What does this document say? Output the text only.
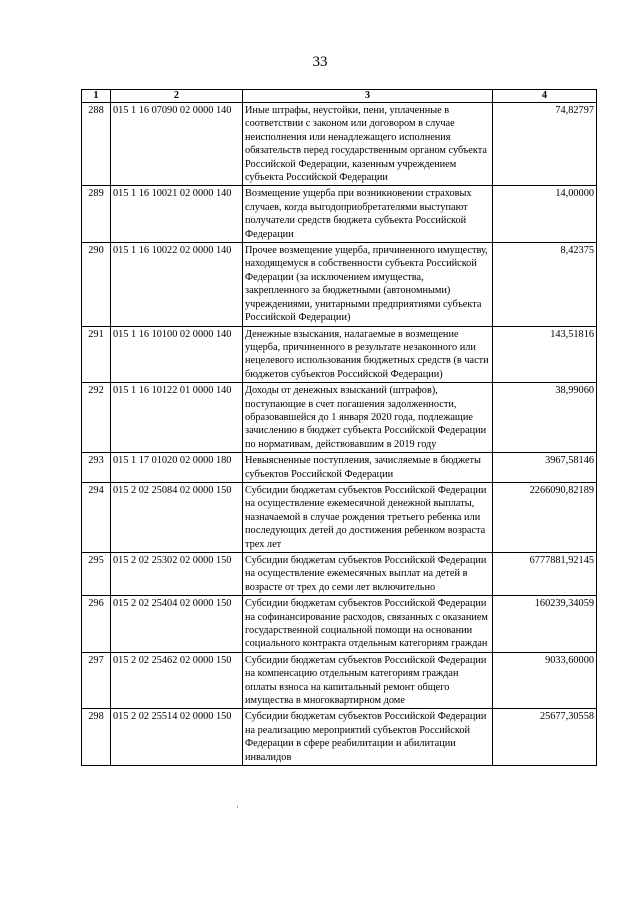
33
1	2	3	4
288	015 1 16 07090 02 0000 140	Иные штрафы, неустойки, пени, уплаченные в соответствии с законом или договором в случае неисполнения или ненадлежащего исполнения обязательств перед государственным органом субъекта Российской Федерации, казенным учреждением субъекта Российской Федерации	74,82797
289	015 1 16 10021 02 0000 140	Возмещение ущерба при возникновении страховых случаев, когда выгодоприобретателями выступают получатели средств бюджета субъекта Российской Федерации	14,00000
290	015 1 16 10022 02 0000 140	Прочее возмещение ущерба, причиненного имуществу, находящемуся в собственности субъекта Российской Федерации (за исключением имущества, закрепленного за бюджетными (автономными) учреждениями, унитарными предприятиями субъекта Российской Федерации)	8,42375
291	015 1 16 10100 02 0000 140	Денежные взыскания, налагаемые в возмещение ущерба, причиненного в результате незаконного или нецелевого использования бюджетных средств (в части бюджетов субъектов Российской Федерации)	143,51816
292	015 1 16 10122 01 0000 140	Доходы от денежных взысканий (штрафов), поступающие в счет погашения задолженности, образовавшейся до 1 января 2020 года, подлежащие зачислению в бюджет субъекта Российской Федерации по нормативам, действовавшим в 2019 году	38,99060
293	015 1 17 01020 02 0000 180	Невыясненные поступления, зачисляемые в бюджеты субъектов Российской Федерации	3967,58146
294	015 2 02 25084 02 0000 150	Субсидии бюджетам субъектов Российской Федерации на осуществление ежемесячной денежной выплаты, назначаемой в случае рождения третьего ребенка или последующих детей до достижения ребенком возраста трех лет	2266090,82189
295	015 2 02 25302 02 0000 150	Субсидии бюджетам субъектов Российской Федерации на осуществление ежемесячных выплат на детей в возрасте от трех до семи лет включительно	6777881,92145
296	015 2 02 25404 02 0000 150	Субсидии бюджетам субъектов Российской Федерации на софинансирование расходов, связанных с оказанием государственной социальной помощи на основании социального контракта отдельным категориям граждан	160239,34059
297	015 2 02 25462 02 0000 150	Субсидии бюджетам субъектов Российской Федерации на компенсацию отдельным категориям граждан оплаты взноса на капитальный ремонт общего имущества в многоквартирном доме	9033,60000
298	015 2 02 25514 02 0000 150	Субсидии бюджетам субъектов Российской Федерации на реализацию мероприятий субъектов Российской Федерации в сфере реабилитации и абилитации инвалидов	25677,30558
